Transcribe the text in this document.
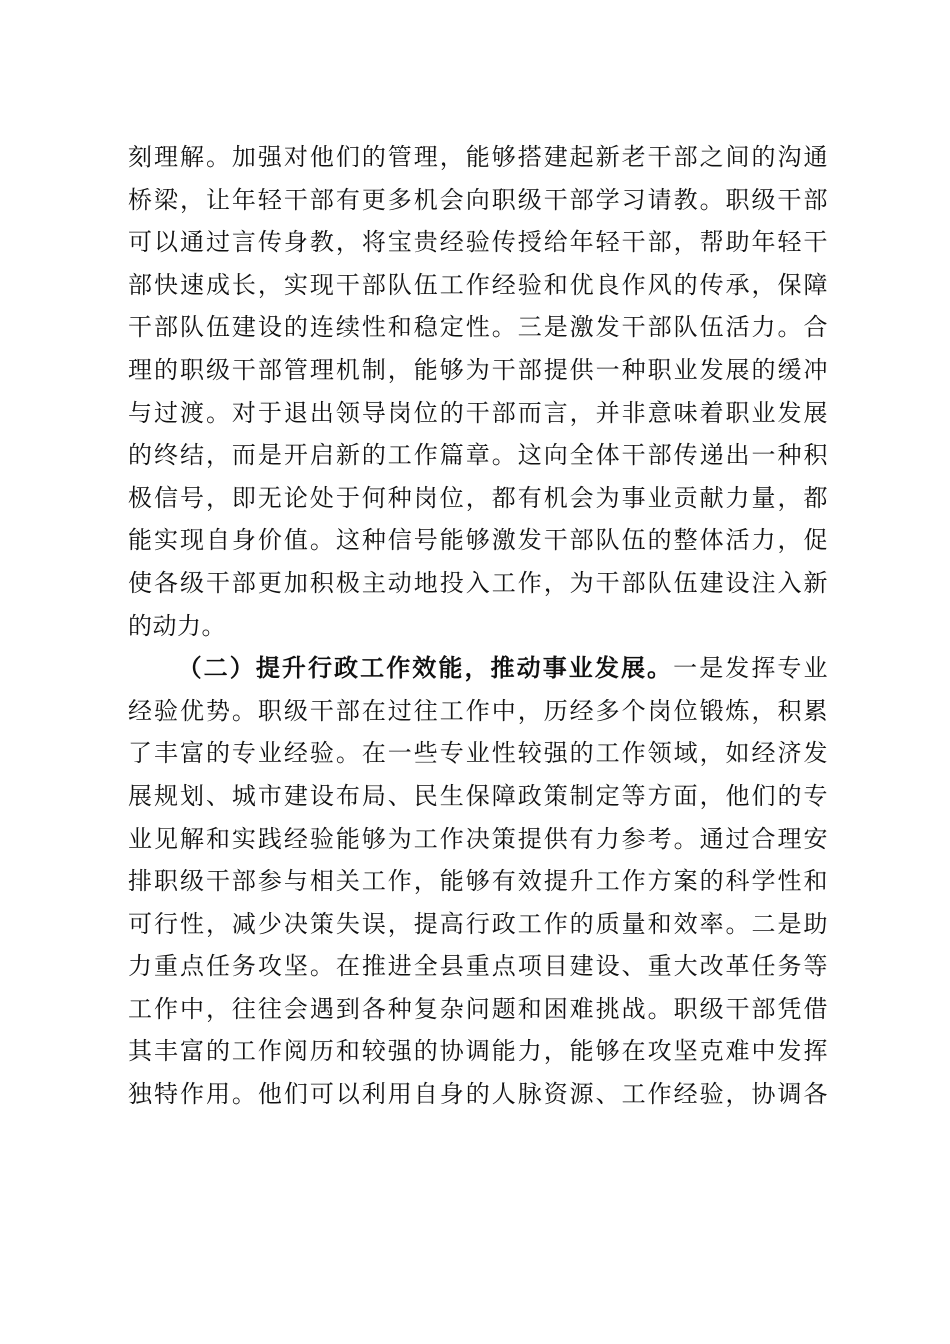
刻理解。加强对他们的管理，能够搭建起新老干部之间的沟通
桥梁，让年轻干部有更多机会向职级干部学习请教。职级干部
可以通过言传身教，将宝贵经验传授给年轻干部，帮助年轻干
部快速成长，实现干部队伍工作经验和优良作风的传承，保障
干部队伍建设的连续性和稳定性。三是激发干部队伍活力。合
理的职级干部管理机制，能够为干部提供一种职业发展的缓冲
与过渡。对于退出领导岗位的干部而言，并非意味着职业发展
的终结，而是开启新的工作篇章。这向全体干部传递出一种积
极信号，即无论处于何种岗位，都有机会为事业贡献力量，都
能实现自身价值。这种信号能够激发干部队伍的整体活力，促
使各级干部更加积极主动地投入工作，为干部队伍建设注入新
的动力。
（二）提升行政工作效能，推动事业发展。一是发挥专业
经验优势。职级干部在过往工作中，历经多个岗位锻炼，积累
了丰富的专业经验。在一些专业性较强的工作领域，如经济发
展规划、城市建设布局、民生保障政策制定等方面，他们的专
业见解和实践经验能够为工作决策提供有力参考。通过合理安
排职级干部参与相关工作，能够有效提升工作方案的科学性和
可行性，减少决策失误，提高行政工作的质量和效率。二是助
力重点任务攻坚。在推进全县重点项目建设、重大改革任务等
工作中，往往会遇到各种复杂问题和困难挑战。职级干部凭借
其丰富的工作阅历和较强的协调能力，能够在攻坚克难中发挥
独特作用。他们可以利用自身的人脉资源、工作经验，协调各
